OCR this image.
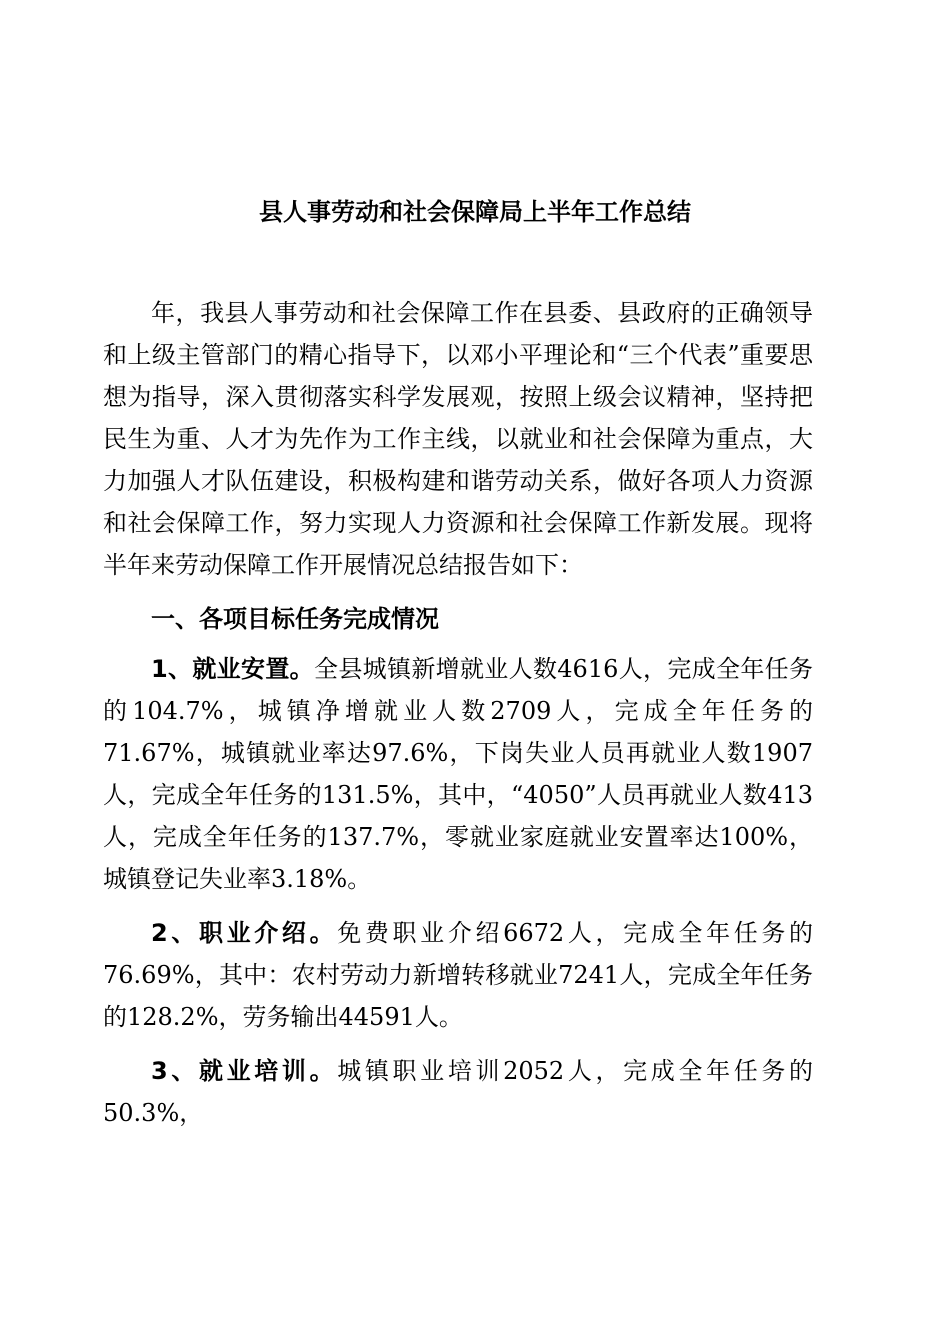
县人事劳动和社会保障局上半年工作总结

年，我县人事劳动和社会保障工作在县委、县政府的正确领导和上级主管部门的精心指导下，以邓小平理论和“三个代表”重要思想为指导，深入贯彻落实科学发展观，按照上级会议精神，坚持把民生为重、人才为先作为工作主线，以就业和社会保障为重点，大力加强人才队伍建设，积极构建和谐劳动关系，做好各项人力资源和社会保障工作，努力实现人力资源和社会保障工作新发展。现将半年来劳动保障工作开展情况总结报告如下：

一、各项目标任务完成情况

1、就业安置。全县城镇新增就业人数4616人，完成全年任务的104.7%，城镇净增就业人数2709人，完成全年任务的71.67%，城镇就业率达97.6%，下岗失业人员再就业人数1907人，完成全年任务的131.5%，其中，“4050”人员再就业人数413人，完成全年任务的137.7%，零就业家庭就业安置率达100%，城镇登记失业率3.18%。

2、职业介绍。免费职业介绍6672人，完成全年任务的76.69%，其中：农村劳动力新增转移就业7241人，完成全年任务的128.2%，劳务输出44591人。

3、就业培训。城镇职业培训2052人，完成全年任务的50.3%，
